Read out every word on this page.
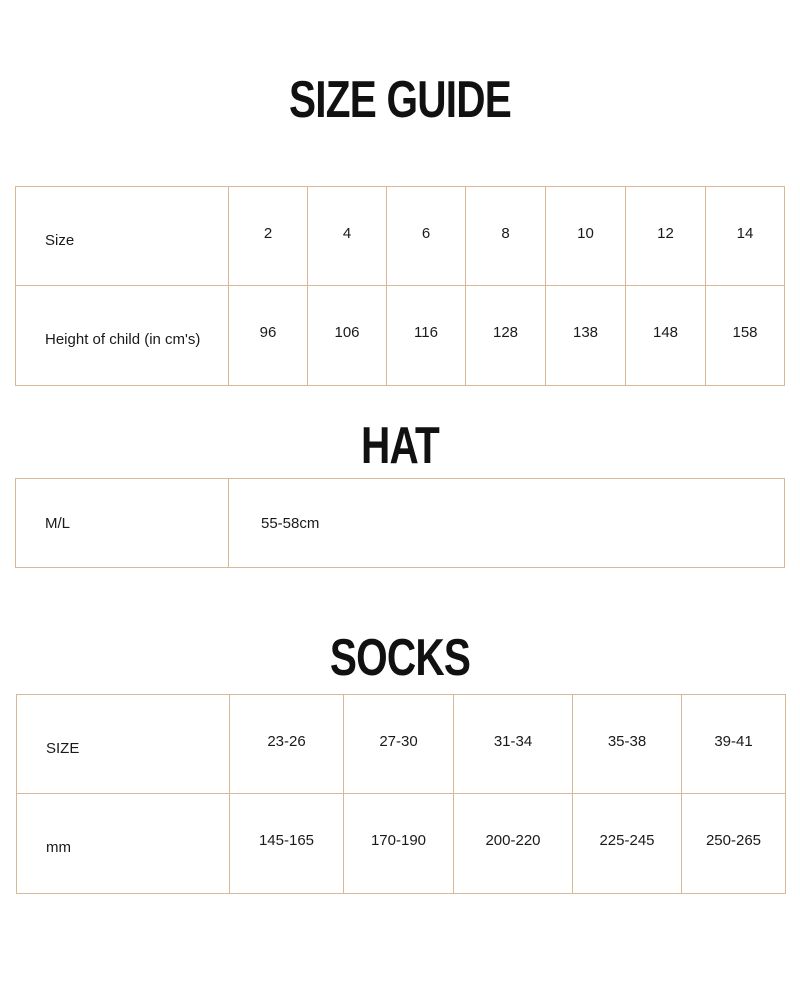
SIZE GUIDE
Size	2	4	6	8	10	12	14
Height of child (in cm's)	96	106	116	128	138	148	158
HAT
M/L	55-58cm
SOCKS
SIZE	23-26	27-30	31-34	35-38	39-41
mm	145-165	170-190	200-220	225-245	250-265
